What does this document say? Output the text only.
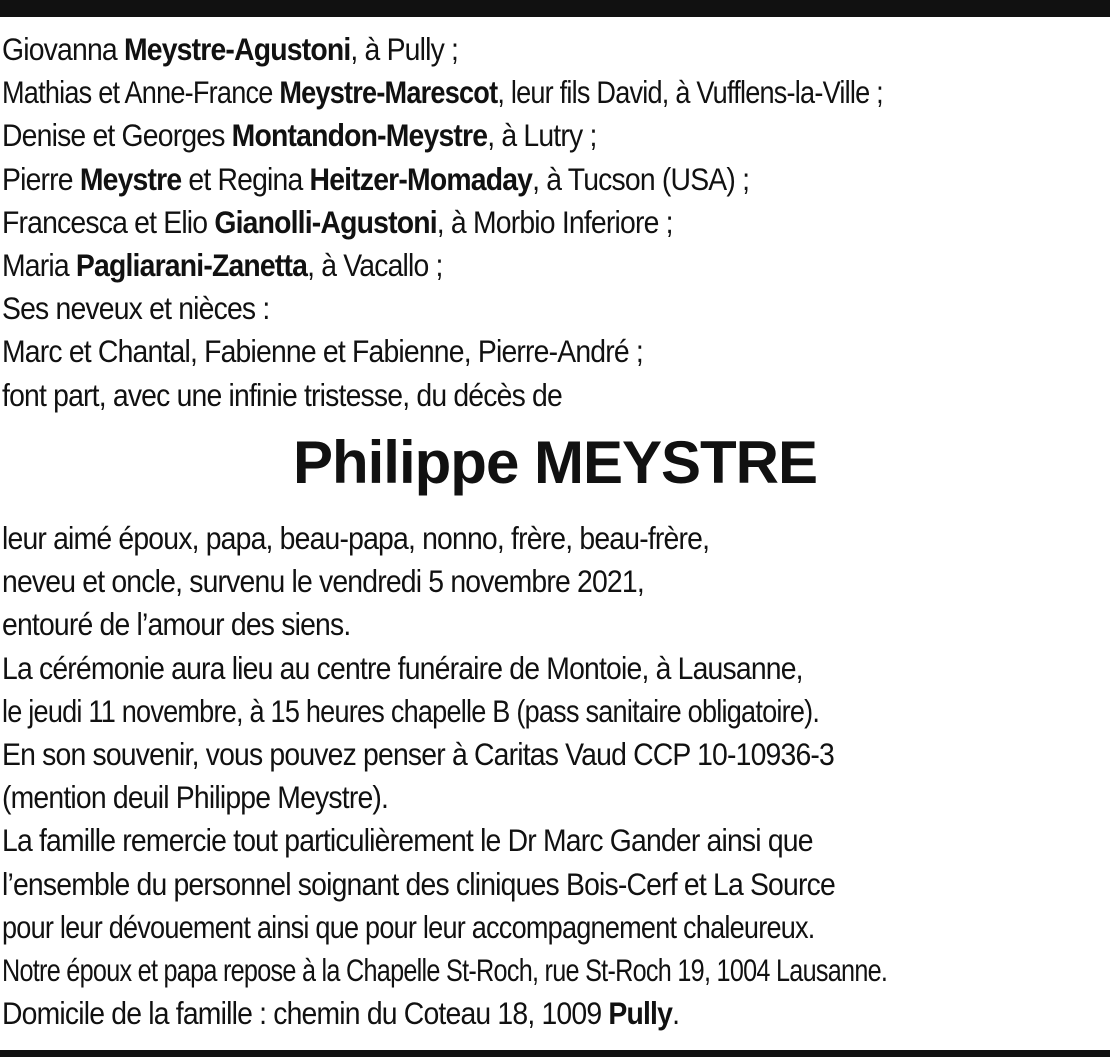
Giovanna Meystre-Agustoni, à Pully ;
Mathias et Anne-France Meystre-Marescot, leur fils David, à Vufflens-la-Ville ;
Denise et Georges Montandon-Meystre, à Lutry ;
Pierre Meystre et Regina Heitzer-Momaday, à Tucson (USA) ;
Francesca et Elio Gianolli-Agustoni, à Morbio Inferiore ;
Maria Pagliarani-Zanetta, à Vacallo ;
Ses neveux et nièces :
Marc et Chantal, Fabienne et Fabienne, Pierre-André ;
font part, avec une infinie tristesse, du décès de
Philippe MEYSTRE
leur aimé époux, papa, beau-papa, nonno, frère, beau-frère,
neveu et oncle, survenu le vendredi 5 novembre 2021,
entouré de l’amour des siens.
La cérémonie aura lieu au centre funéraire de Montoie, à Lausanne,
le jeudi 11 novembre, à 15 heures chapelle B (pass sanitaire obligatoire).
En son souvenir, vous pouvez penser à Caritas Vaud CCP 10-10936-3
(mention deuil Philippe Meystre).
La famille remercie tout particulièrement le Dr Marc Gander ainsi que
l’ensemble du personnel soignant des cliniques Bois-Cerf et La Source
pour leur dévouement ainsi que pour leur accompagnement chaleureux.
Notre époux et papa repose à la Chapelle St-Roch, rue St-Roch 19, 1004 Lausanne.
Domicile de la famille : chemin du Coteau 18, 1009 Pully.
